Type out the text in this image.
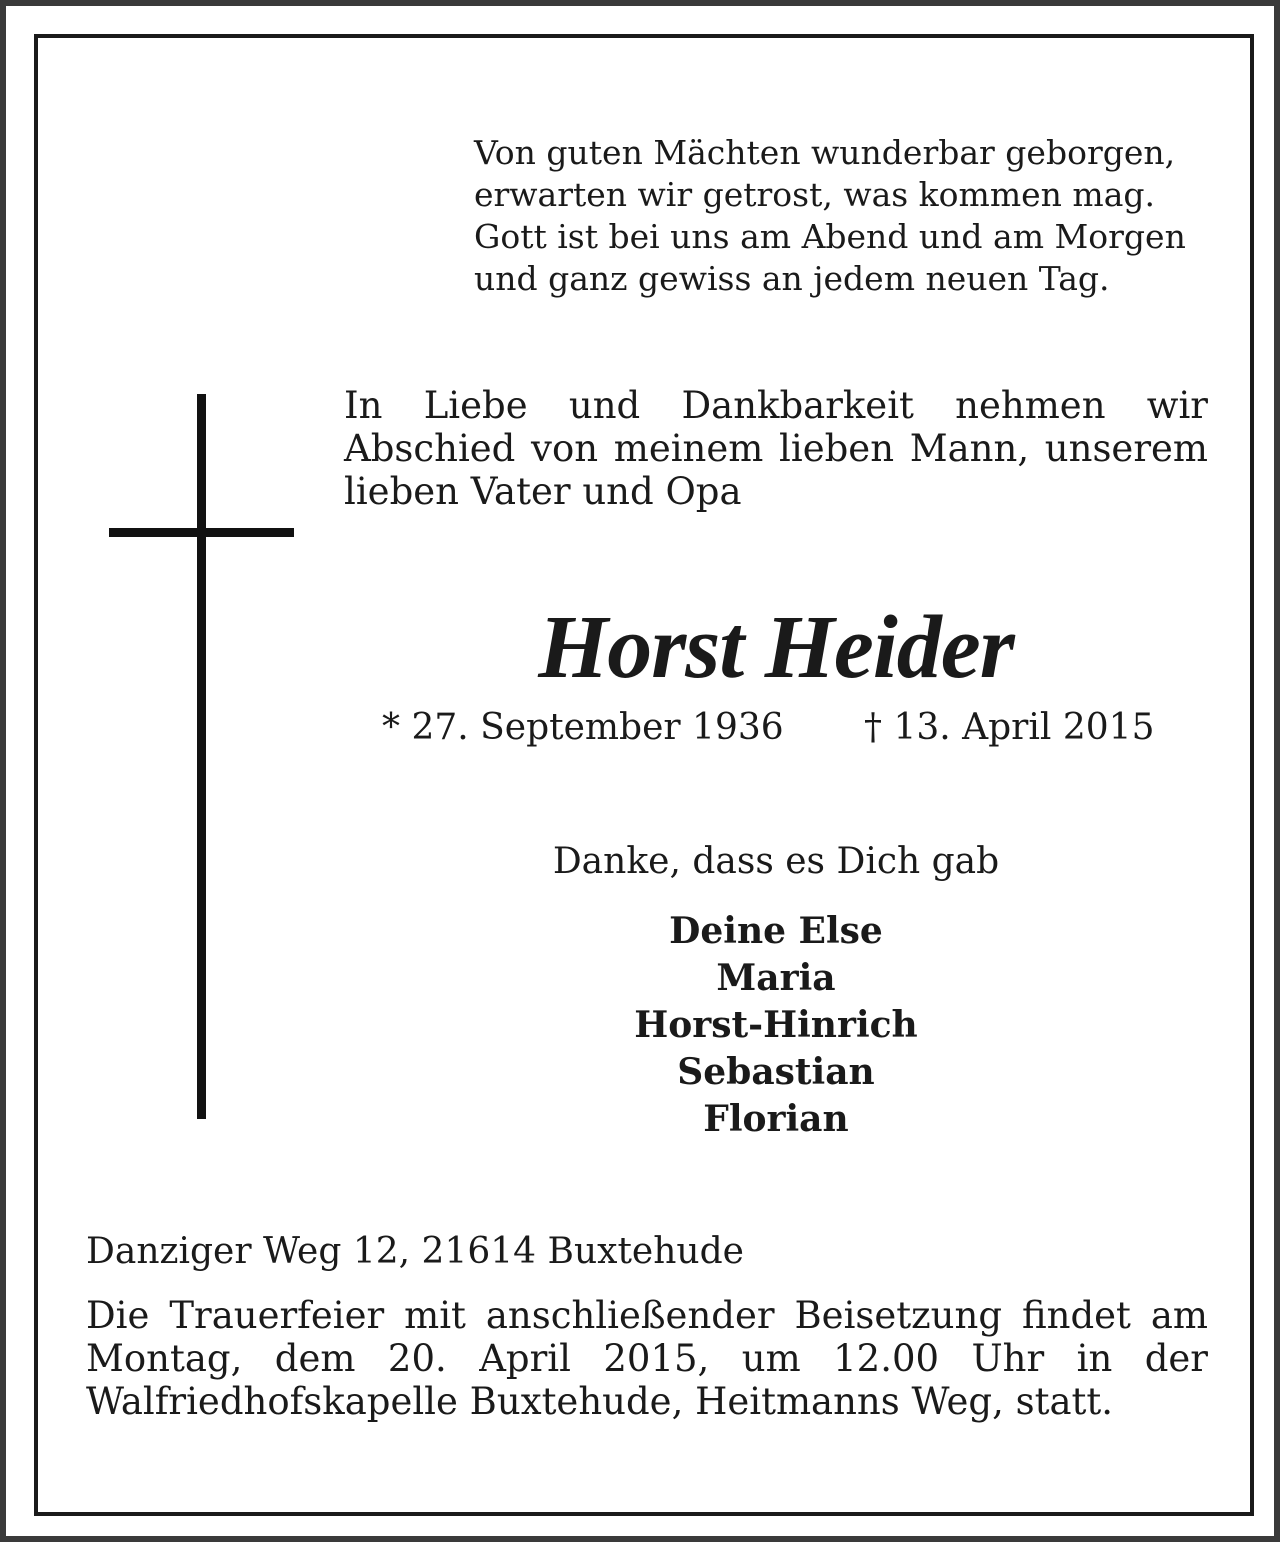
Von guten Mächten wunderbar geborgen,
erwarten wir getrost, was kommen mag.
Gott ist bei uns am Abend und am Morgen
und ganz gewiss an jedem neuen Tag.
In Liebe und Dankbarkeit nehmen wir Abschied von meinem lieben Mann, unserem lieben Vater und Opa
Horst Heider
* 27. September 1936 † 13. April 2015
Danke, dass es Dich gab
Deine Else
Maria
Horst-Hinrich
Sebastian
Florian
Danziger Weg 12, 21614 Buxtehude
Die Trauerfeier mit anschließender Beisetzung findet am Montag, dem 20. April 2015, um 12.00 Uhr in der Walfriedhofskapelle Buxtehude, Heitmanns Weg, statt.
